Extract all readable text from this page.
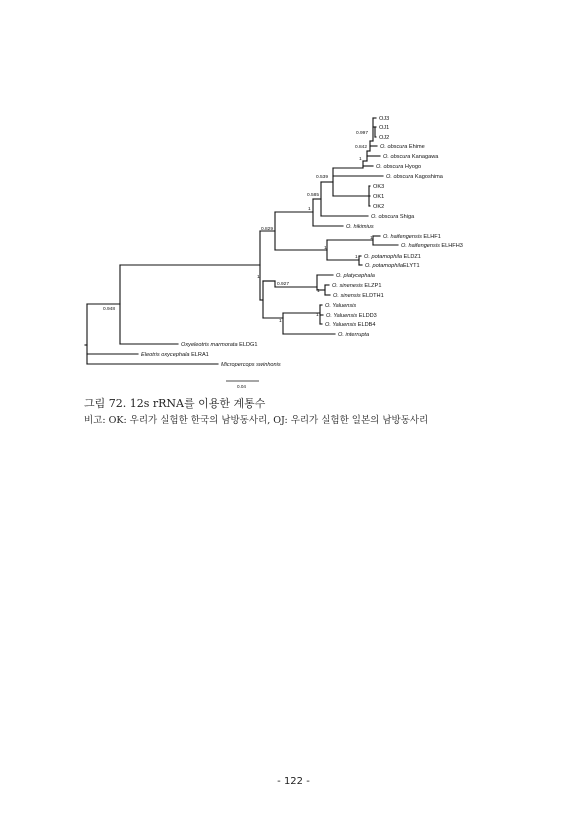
OJ3
OJ1
OJ2
O. obscura Ehime
O. obscura Kanagawa
O. obscura Hyogo
O. obscura Kagoshima
OK3
OK1
OK2
O. obscura Shiga
O. hikimius
O. haifengensis ELHF1
O. haifengensis ELHFH3
O. potamophila ELDZ1
O. potamophilaELYT1
O. platycephala
O. sinenesis ELZP1
O. sinensis ELDTH1
O. Yaluensis
O. Yaluensis ELDD3
O. Yaluensis ELDB4
O. interrupta
Oxyeleotris marmorata ELDG1
Eleotris oxycephala ELRA1
Micropercops swinhonis
0.997
0.842
1
0.539
0.585
1
0.829
1
1
1
1
0.927
1
1
1
0.948
0.04

그림 72. 12s rRNA를 이용한 계통수

비고: OK: 우리가 실험한 한국의 남방동사리, OJ: 우리가 실험한 일본의 남방동사리

- 122 -
